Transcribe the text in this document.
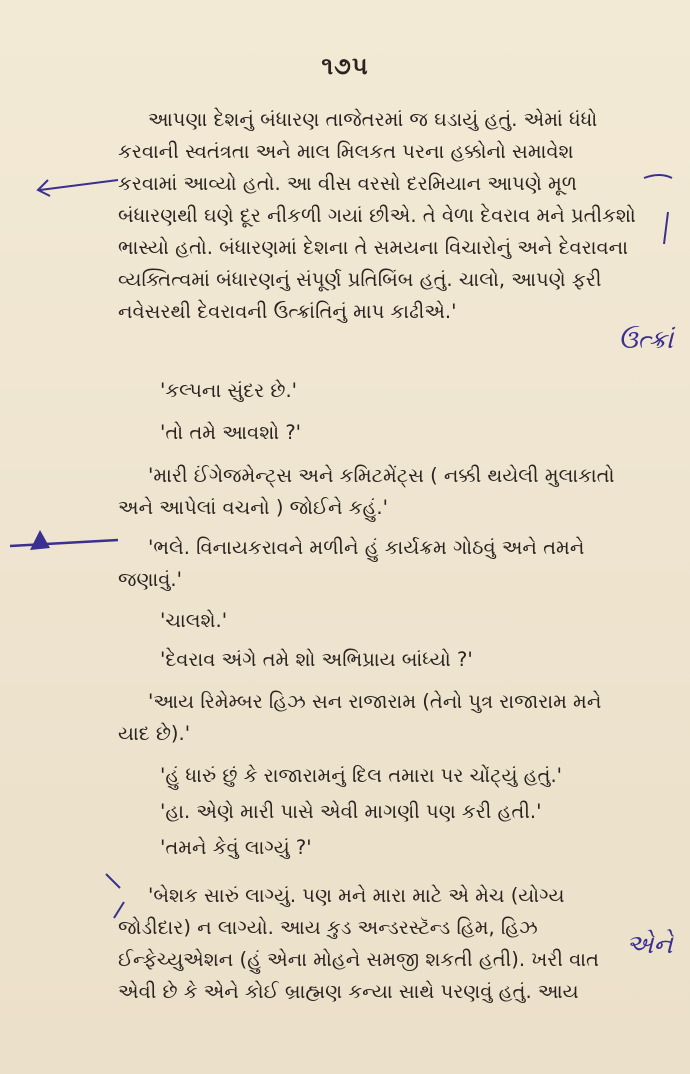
૧૭૫
આપણા દેશનું બંધારણ તાજેતરમાં જ ઘડાયું હતું. એમાં ધંધો કરવાની સ્વતંત્રતા અને માલ મિલકત પરના હક્કોનો સમાવેશ કરવામાં આવ્યો હતો. આ વીસ વરસો દરમિયાન આપણે મૂળ બંધારણથી ઘણે દૂર નીકળી ગયાં છીએ. તે વેળા દેવરાવ મને પ્રતીકશો ભાસ્યો હતો. બંધારણમાં દેશના તે સમયના વિચારોનું અને દેવરાવના વ્યક્તિત્વમાં બંધારણનું સંપૂર્ણ પ્રતિબિંબ હતું. ચાલો, આપણે ફરી નવેસરથી દેવરાવની ઉત્ક્રાંતિનું માપ કાઢીએ.'
'કલ્પના સુંદર છે.'
'તો તમે આવશો ?'
'મારી ઈંગેજમેન્ટ્સ અને કમિટમેંટ્સ ( નક્કી થયેલી મુલાકાતો અને આપેલાં વચનો ) જોઈને કહું.'
'ભલે. વિનાયકરાવને મળીને હું કાર્યક્રમ ગોઠવું અને તમને જણાવું.'
'ચાલશે.'
'દેવરાવ અંગે તમે શો અભિપ્રાય બાંધ્યો ?'
'આય રિમેમ્બર હિઝ સન રાજારામ (તેનો પુત્ર રાજારામ મને યાદ છે).'
'હું ધારું છું કે રાજારામનું દિલ તમારા પર ચોંટ્યું હતું.'
'હા. એણે મારી પાસે એવી માગણી પણ કરી હતી.'
'તમને કેવું લાગ્યું ?'
'બેશક સારું લાગ્યું. પણ મને મારા માટે એ મેચ (યોગ્ય જોડીદાર) ન લાગ્યો. આય કુડ અન્ડરસ્ટૅન્ડ હિમ, હિઝ ઈન્ફેચ્યુએશન (હું એના મોહને સમજી શકતી હતી). ખરી વાત એવી છે કે એને કોઈ બ્રાહ્મણ કન્યા સાથે પરણવું હતું. આય
ઉત્ક્રાં
એને
